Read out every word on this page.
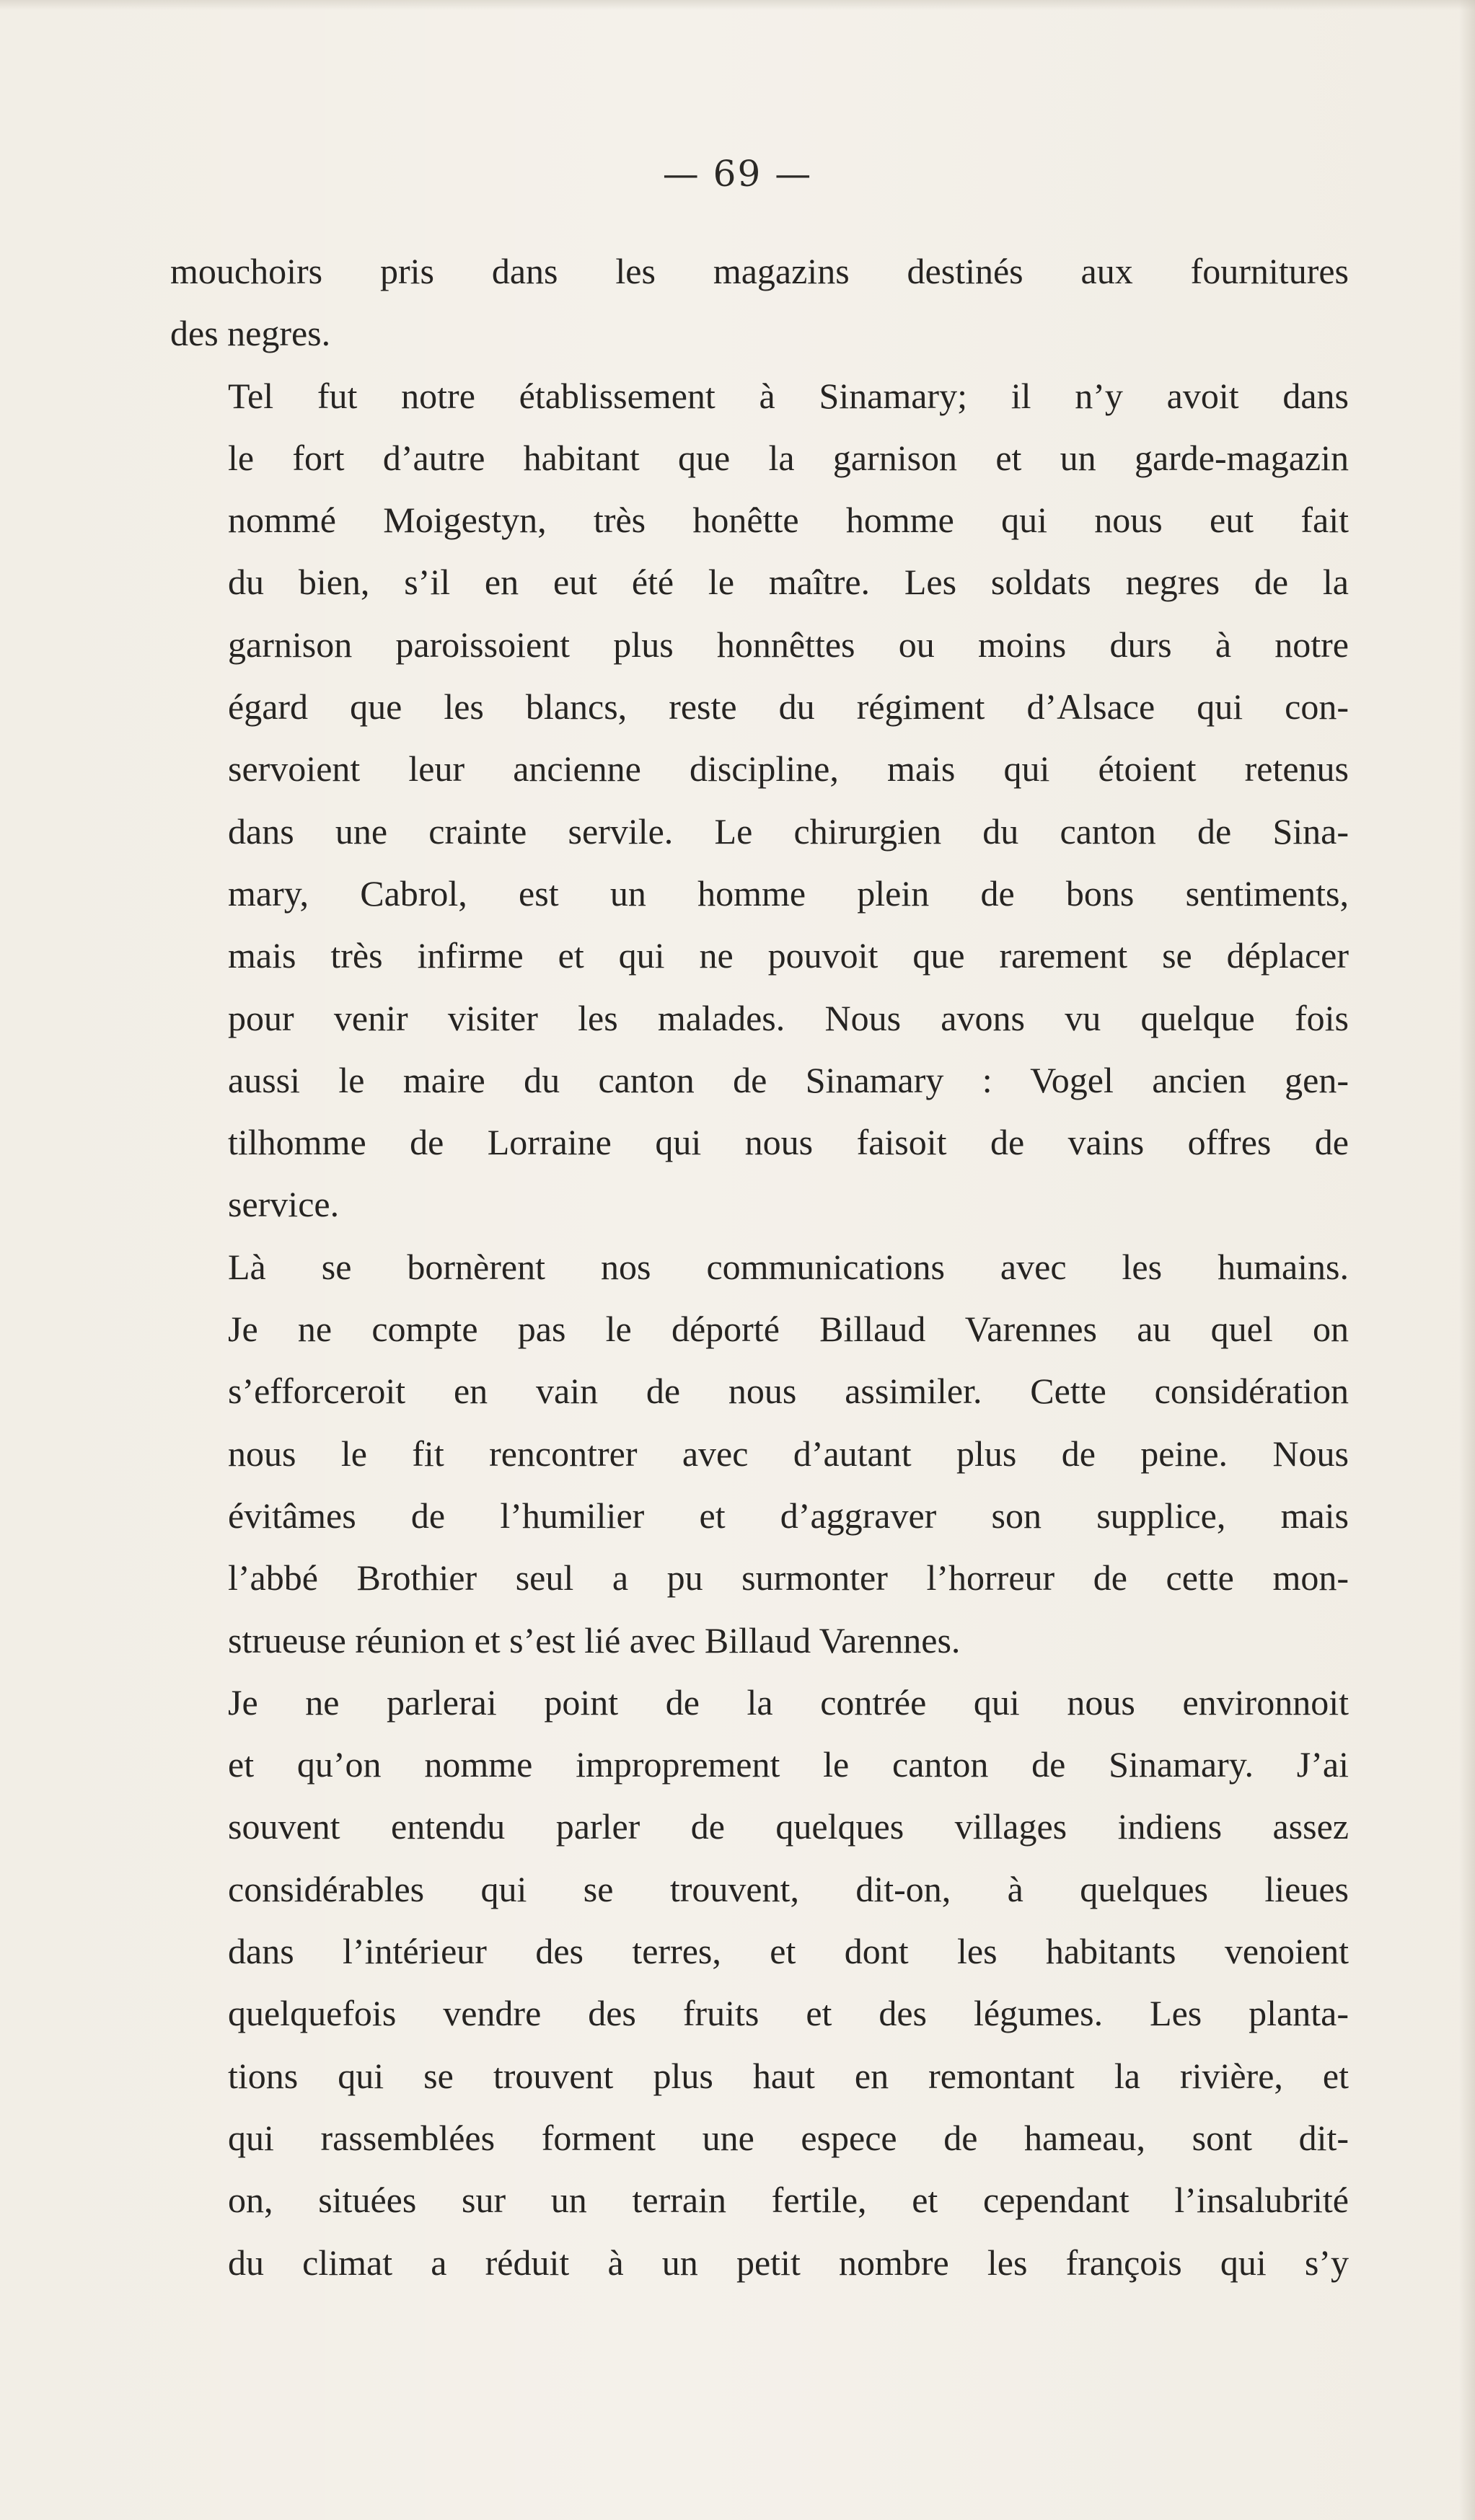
— 69 —

mouchoirs pris dans les magazins destinés aux fournitures
des negres.

Tel fut notre établissement à Sinamary; il n’y avoit dans
le fort d’autre habitant que la garnison et un garde-magazin
nommé Moigestyn, très honêtte homme qui nous eut fait
du bien, s’il en eut été le maître. Les soldats negres de la
garnison paroissoient plus honnêttes ou moins durs à notre
égard que les blancs, reste du régiment d’Alsace qui con-
servoient leur ancienne discipline, mais qui étoient retenus
dans une crainte servile. Le chirurgien du canton de Sina-
mary, Cabrol, est un homme plein de bons sentiments,
mais très infirme et qui ne pouvoit que rarement se déplacer
pour venir visiter les malades. Nous avons vu quelque fois
aussi le maire du canton de Sinamary : Vogel ancien gen-
tilhomme de Lorraine qui nous faisoit de vains offres de
service.

Là se bornèrent nos communications avec les humains.
Je ne compte pas le déporté Billaud Varennes au quel on
s’efforceroit en vain de nous assimiler. Cette considération
nous le fit rencontrer avec d’autant plus de peine. Nous
évitâmes de l’humilier et d’aggraver son supplice, mais
l’abbé Brothier seul a pu surmonter l’horreur de cette mon-
strueuse réunion et s’est lié avec Billaud Varennes.

Je ne parlerai point de la contrée qui nous environnoit
et qu’on nomme improprement le canton de Sinamary. J’ai
souvent entendu parler de quelques villages indiens assez
considérables qui se trouvent, dit-on, à quelques lieues
dans l’intérieur des terres, et dont les habitants venoient
quelquefois vendre des fruits et des légumes. Les planta-
tions qui se trouvent plus haut en remontant la rivière, et
qui rassemblées forment une espece de hameau, sont dit-
on, situées sur un terrain fertile, et cependant l’insalubrité
du climat a réduit à un petit nombre les françois qui s’y
